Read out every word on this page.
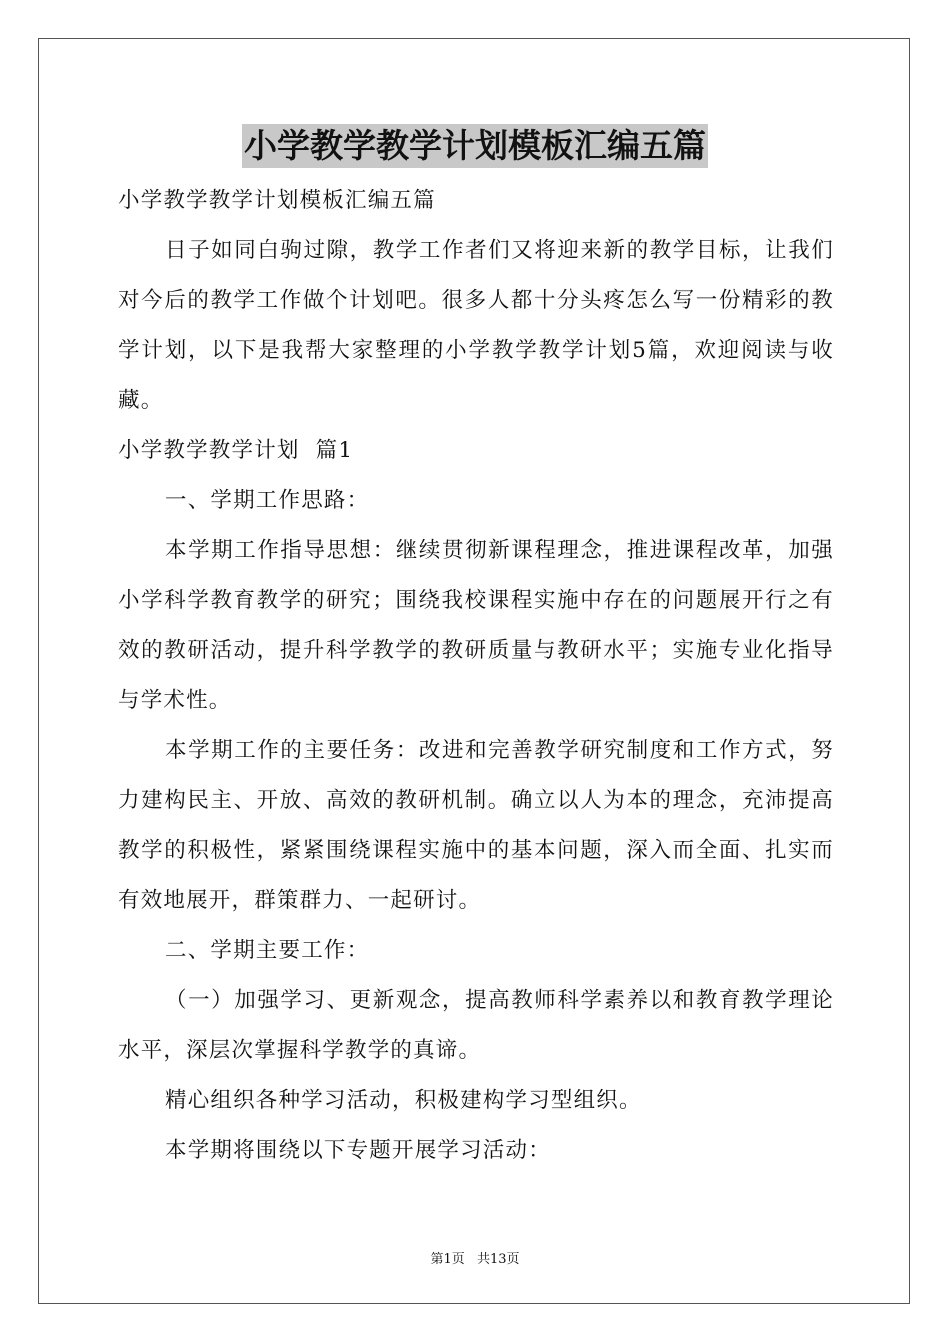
小学教学教学计划模板汇编五篇

小学教学教学计划模板汇编五篇

日子如同白驹过隙，教学工作者们又将迎来新的教学目标，让我们对今后的教学工作做个计划吧。很多人都十分头疼怎么写一份精彩的教学计划，以下是我帮大家整理的小学教学教学计划5篇，欢迎阅读与收藏。

小学教学教学计划  篇1

一、学期工作思路：

本学期工作指导思想：继续贯彻新课程理念，推进课程改革，加强小学科学教育教学的研究；围绕我校课程实施中存在的问题展开行之有效的教研活动，提升科学教学的教研质量与教研水平；实施专业化指导与学术性。

本学期工作的主要任务：改进和完善教学研究制度和工作方式，努力建构民主、开放、高效的教研机制。确立以人为本的理念，充沛提高教学的积极性，紧紧围绕课程实施中的基本问题，深入而全面、扎实而有效地展开，群策群力、一起研讨。

二、学期主要工作：

（一）加强学习、更新观念，提高教师科学素养以和教育教学理论水平，深层次掌握科学教学的真谛。

精心组织各种学习活动，积极建构学习型组织。

本学期将围绕以下专题开展学习活动：

第1页 共13页
